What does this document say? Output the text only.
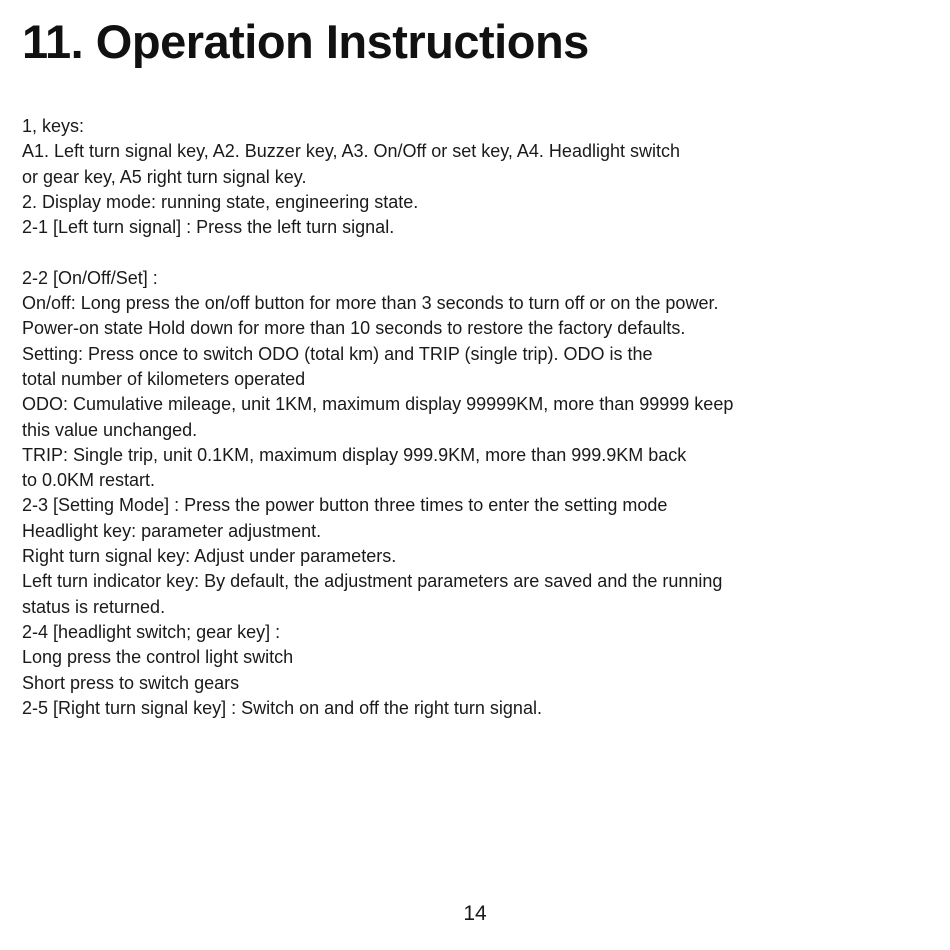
11. Operation Instructions
1, keys:
A1. Left turn signal key, A2. Buzzer key, A3. On/Off or set key, A4. Headlight switch
or gear key, A5 right turn signal key.
2. Display mode: running state, engineering state.
2-1 [Left turn signal] : Press the left turn signal.
2-2 [On/Off/Set] :
On/off: Long press the on/off button for more than 3 seconds to turn off or on the power.
Power-on state Hold down for more than 10 seconds to restore the factory defaults.
Setting: Press once to switch ODO (total km) and TRIP (single trip). ODO is the
total number of kilometers operated
ODO: Cumulative mileage, unit 1KM, maximum display 99999KM, more than 99999 keep
this value unchanged.
TRIP: Single trip, unit 0.1KM, maximum display 999.9KM, more than 999.9KM back
to 0.0KM restart.
2-3 [Setting Mode] : Press the power button three times to enter the setting mode
Headlight key: parameter adjustment.
Right turn signal key: Adjust under parameters.
Left turn indicator key: By default, the adjustment parameters are saved and the running
status is returned.
2-4 [headlight switch; gear key] :
Long press the control light switch
Short press to switch gears
2-5 [Right turn signal key] : Switch on and off the right turn signal.
14
